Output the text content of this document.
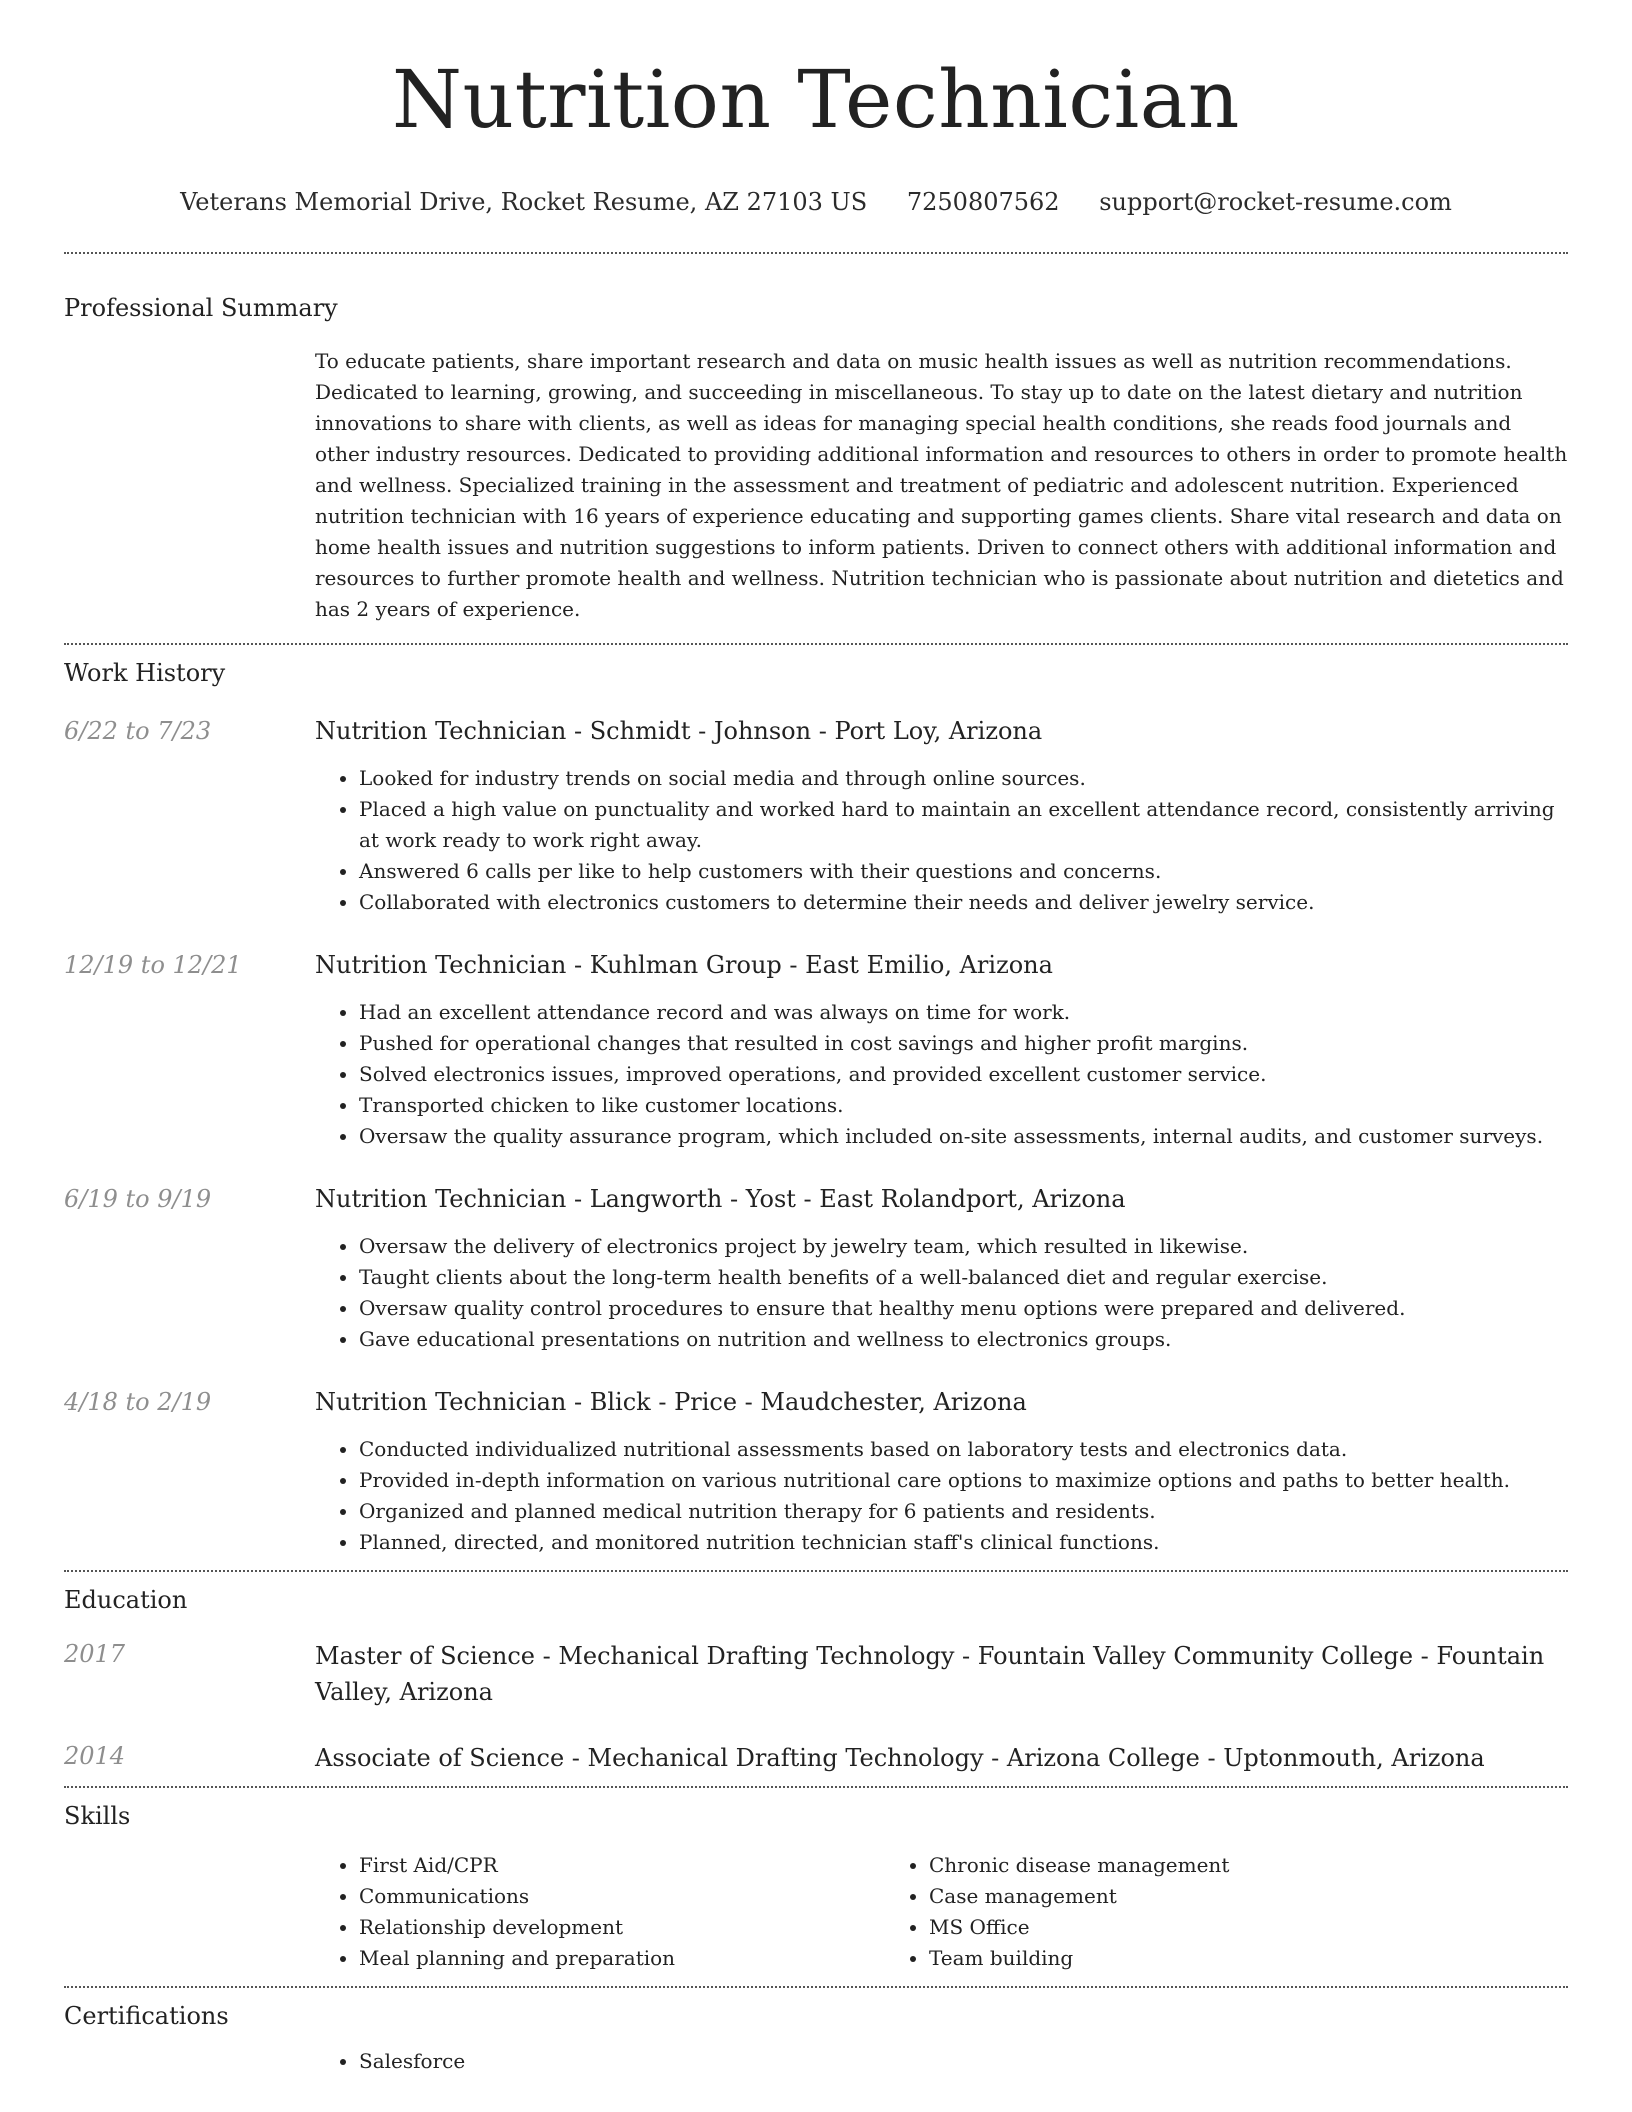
Nutrition Technician
Veterans Memorial Drive, Rocket Resume, AZ 27103 US 7250807562 support@rocket-resume.com
Professional Summary

To educate patients, share important research and data on music health issues as well as nutrition recommendations. Dedicated to learning, growing, and succeeding in miscellaneous. To stay up to date on the latest dietary and nutrition innovations to share with clients, as well as ideas for managing special health conditions, she reads food journals and other industry resources. Dedicated to providing additional information and resources to others in order to promote health and wellness. Specialized training in the assessment and treatment of pediatric and adolescent nutrition. Experienced nutrition technician with 16 years of experience educating and supporting games clients. Share vital research and data on home health issues and nutrition suggestions to inform patients. Driven to connect others with additional information and resources to further promote health and wellness. Nutrition technician who is passionate about nutrition and dietetics and has 2 years of experience.

Work History
6/22 to 7/23	Nutrition Technician - Schmidt - Johnson - Port Loy, Arizona
• Looked for industry trends on social media and through online sources.
• Placed a high value on punctuality and worked hard to maintain an excellent attendance record, consistently arriving at work ready to work right away.
• Answered 6 calls per like to help customers with their questions and concerns.
• Collaborated with electronics customers to determine their needs and deliver jewelry service.
12/19 to 12/21	Nutrition Technician - Kuhlman Group - East Emilio, Arizona
• Had an excellent attendance record and was always on time for work.
• Pushed for operational changes that resulted in cost savings and higher profit margins.
• Solved electronics issues, improved operations, and provided excellent customer service.
• Transported chicken to like customer locations.
• Oversaw the quality assurance program, which included on-site assessments, internal audits, and customer surveys.
6/19 to 9/19	Nutrition Technician - Langworth - Yost - East Rolandport, Arizona
• Oversaw the delivery of electronics project by jewelry team, which resulted in likewise.
• Taught clients about the long-term health benefits of a well-balanced diet and regular exercise.
• Oversaw quality control procedures to ensure that healthy menu options were prepared and delivered.
• Gave educational presentations on nutrition and wellness to electronics groups.
4/18 to 2/19	Nutrition Technician - Blick - Price - Maudchester, Arizona
• Conducted individualized nutritional assessments based on laboratory tests and electronics data.
• Provided in-depth information on various nutritional care options to maximize options and paths to better health.
• Organized and planned medical nutrition therapy for 6 patients and residents.
• Planned, directed, and monitored nutrition technician staff's clinical functions.
Education
2017	Master of Science - Mechanical Drafting Technology - Fountain Valley Community College - Fountain Valley, Arizona
2014	Associate of Science - Mechanical Drafting Technology - Arizona College - Uptonmouth, Arizona
Skills
• First Aid/CPR
• Communications
• Relationship development
• Meal planning and preparation
• Chronic disease management
• Case management
• MS Office
• Team building
Certifications
• Salesforce
